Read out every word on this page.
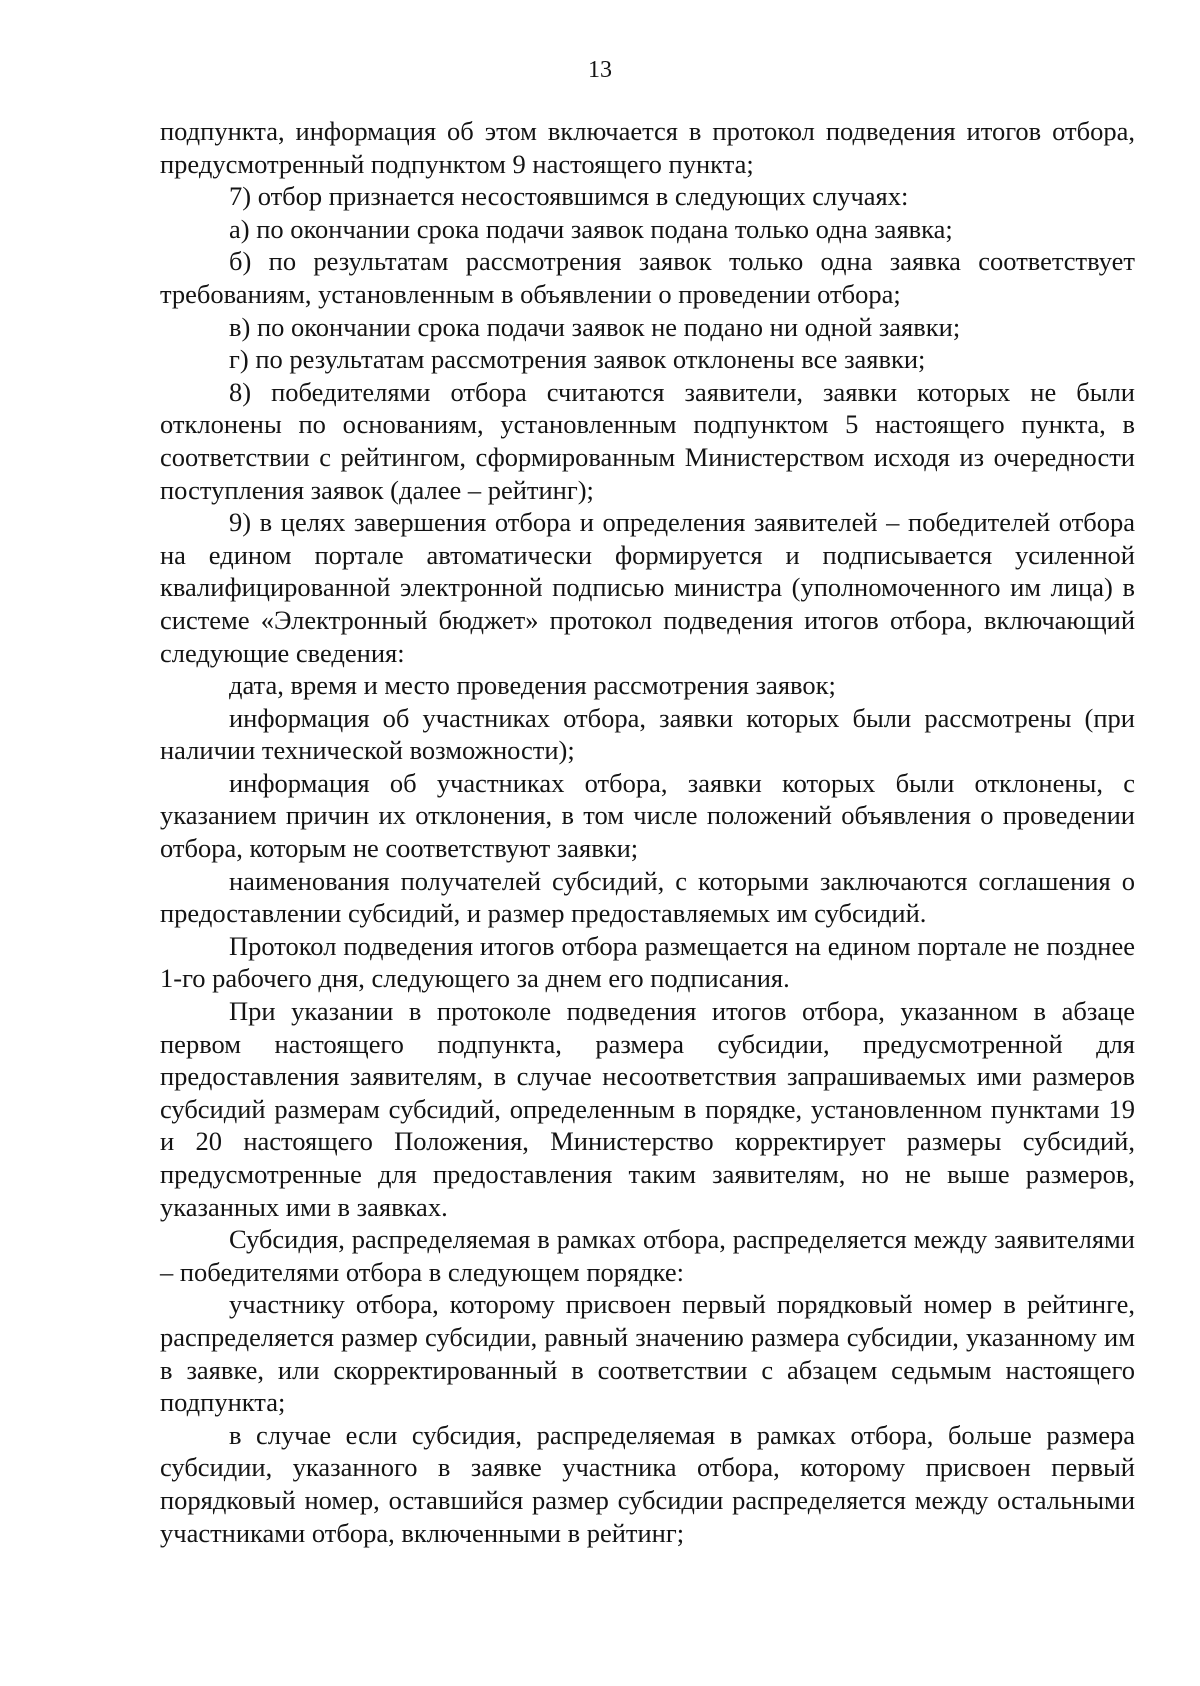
13

подпункта, информация об этом включается в протокол подведения итогов отбора, предусмотренный подпунктом 9 настоящего пункта;

7) отбор признается несостоявшимся в следующих случаях:

а) по окончании срока подачи заявок подана только одна заявка;

б) по результатам рассмотрения заявок только одна заявка соответствует требованиям, установленным в объявлении о проведении отбора;

в) по окончании срока подачи заявок не подано ни одной заявки;

г) по результатам рассмотрения заявок отклонены все заявки;

8) победителями отбора считаются заявители, заявки которых не были отклонены по основаниям, установленным подпунктом 5 настоящего пункта, в соответствии с рейтингом, сформированным Министерством исходя из очередности поступления заявок (далее – рейтинг);

9) в целях завершения отбора и определения заявителей – победителей отбора на едином портале автоматически формируется и подписывается усиленной квалифицированной электронной подписью министра (уполномоченного им лица) в системе «Электронный бюджет» протокол подведения итогов отбора, включающий следующие сведения:

дата, время и место проведения рассмотрения заявок;

информация об участниках отбора, заявки которых были рассмотрены (при наличии технической возможности);

информация об участниках отбора, заявки которых были отклонены, с указанием причин их отклонения, в том числе положений объявления о проведении отбора, которым не соответствуют заявки;

наименования получателей субсидий, с которыми заключаются соглашения о предоставлении субсидий, и размер предоставляемых им субсидий.

Протокол подведения итогов отбора размещается на едином портале не позднее 1-го рабочего дня, следующего за днем его подписания.

При указании в протоколе подведения итогов отбора, указанном в абзаце первом настоящего подпункта, размера субсидии, предусмотренной для предоставления заявителям, в случае несоответствия запрашиваемых ими размеров субсидий размерам субсидий, определенным в порядке, установленном пунктами 19 и 20 настоящего Положения, Министерство корректирует размеры субсидий, предусмотренные для предоставления таким заявителям, но не выше размеров, указанных ими в заявках.

Субсидия, распределяемая в рамках отбора, распределяется между заявителями – победителями отбора в следующем порядке:

участнику отбора, которому присвоен первый порядковый номер в рейтинге, распределяется размер субсидии, равный значению размера субсидии, указанному им в заявке, или скорректированный в соответствии с абзацем седьмым настоящего подпункта;

в случае если субсидия, распределяемая в рамках отбора, больше размера субсидии, указанного в заявке участника отбора, которому присвоен первый порядковый номер, оставшийся размер субсидии распределяется между остальными участниками отбора, включенными в рейтинг;
